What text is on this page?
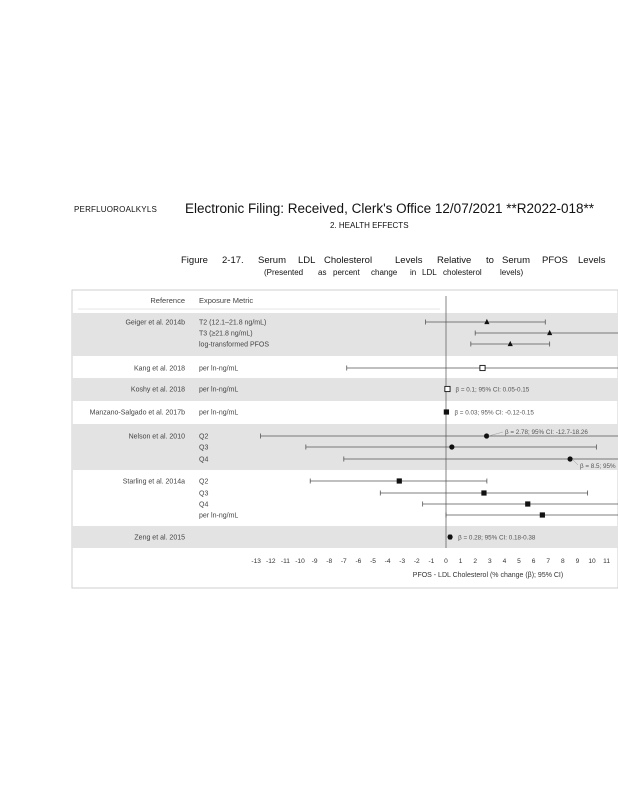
PERFLUOROALKYLS Electronic Filing: Received, Clerk's Office 12/07/2021 **R2022-018**
2. HEALTH EFFECTS
Figure 2-17. Serum LDL Cholesterol Levels Relative to Serum PFOS Levels
(Presented as percent change in LDL cholesterol levels)
Reference Exposure Metric
Geiger et al. 2014b T2 (12.1–21.8 ng/mL)
T3 (≥21.8 ng/mL)
log-transformed PFOS
Kang et al. 2018 per ln-ng/mL
Koshy et al. 2018 per ln-ng/mL	β = 0.1; 95% CI: 0.05-0.15
Manzano-Salgado et al. 2017b per ln-ng/mL	β = 0.03; 95% CI: -0.12-0.15
Nelson et al. 2010 Q2
β = 2.78; 95% CI: -12.7-18.26
Q3
Q4
β = 8.5; 95%
Starling et al. 2014a Q2
Q3
Q4
per ln-ng/mL
Zeng et al. 2015	β = 0.28; 95% CI: 0.18-0.38
-13 -12 -11 -10 -9 -8 -7 -6 -5 -4 -3 -2 -1 0 1 2 3 4 5 6 7 8 9 10 11
PFOS - LDL Cholesterol (% change (β); 95% CI)
